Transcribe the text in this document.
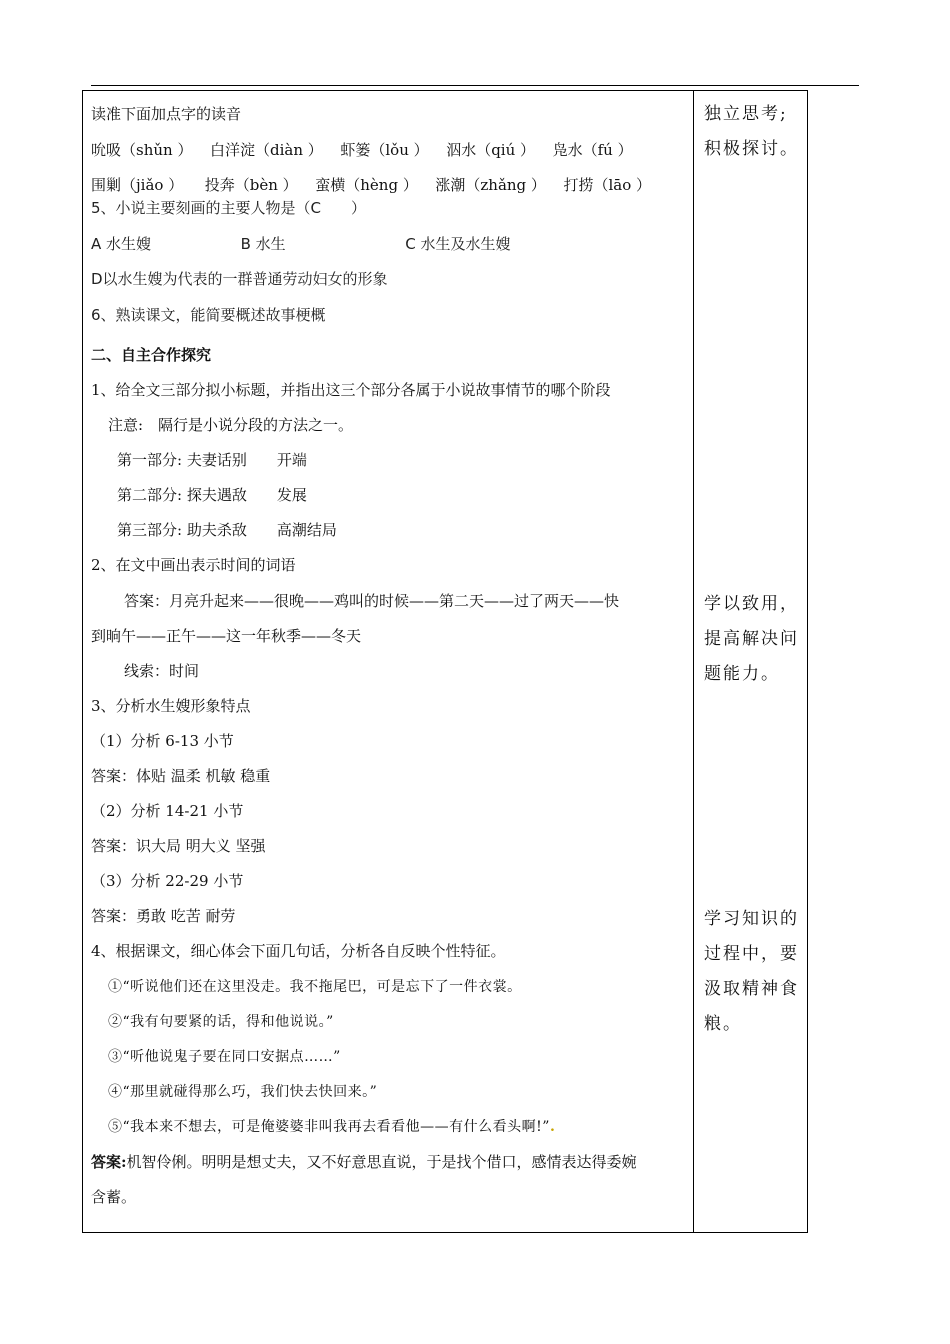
读准下面加点字的读音
吮吸（shǔn ） 白洋淀（diàn ） 虾篓（lǒu ） 泅水（qiú ） 凫水（fú ）
围剿（jiǎo ） 投奔（bèn ） 蛮横（hèng ） 涨潮（zhǎng ） 打捞（lāo ）
5、小说主要刻画的主要人物是（C　　）
A 水生嫂	B 水生	C 水生及水生嫂
D以水生嫂为代表的一群普通劳动妇女的形象
6、熟读课文，能简要概述故事梗概
二、自主合作探究
1、给全文三部分拟小标题，并指出这三个部分各属于小说故事情节的哪个阶段
注意:　隔行是小说分段的方法之一。
第一部分: 夫妻话别 开端
第二部分: 探夫遇敌 发展
第三部分: 助夫杀敌 高潮结局
2、在文中画出表示时间的词语
答案：月亮升起来——很晚——鸡叫的时候——第二天——过了两天——快
到晌午——正午——这一年秋季——冬天
线索：时间
3、分析水生嫂形象特点
（1）分析 6-13 小节
答案：体贴 温柔 机敏 稳重
（2）分析 14-21 小节
答案：识大局 明大义 坚强
（3）分析 22-29 小节
答案：勇敢 吃苦 耐劳
4、根据课文，细心体会下面几句话，分析各自反映个性特征。
①“听说他们还在这里没走。我不拖尾巴，可是忘下了一件衣裳。
②“我有句要紧的话，得和他说说。”
③“听他说鬼子要在同口安据点……”
④“那里就碰得那么巧，我们快去快回来。”
⑤“我本来不想去，可是俺婆婆非叫我再去看看他——有什么看头啊!”.
答案:机智伶俐。明明是想丈夫，又不好意思直说，于是找个借口，感情表达得委婉
含蓄。
独立思考;
积极探讨。
学以致用，
提高解决问
题能力。
学习知识的
过程中，要
汲取精神食
粮。
